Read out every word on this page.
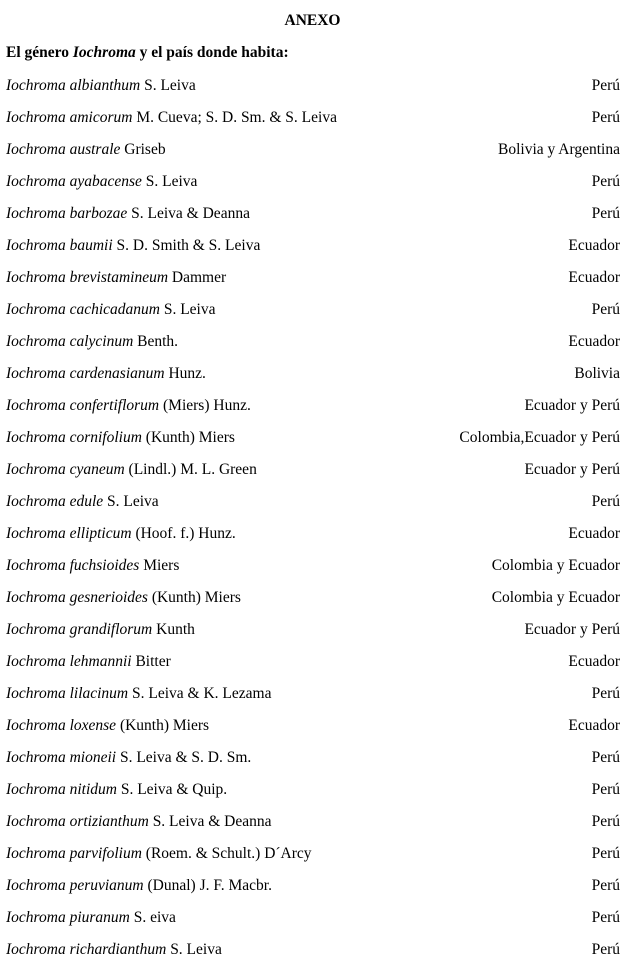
ANEXO
El género Iochroma y el país donde habita:
Iochroma albianthum S. Leiva	Perú
Iochroma amicorum M. Cueva; S. D. Sm. & S. Leiva	Perú
Iochroma australe Griseb	Bolivia y Argentina
Iochroma ayabacense S. Leiva	Perú
Iochroma barbozae S. Leiva & Deanna	Perú
Iochroma baumii S. D. Smith & S. Leiva	Ecuador
Iochroma brevistamineum Dammer	Ecuador
Iochroma cachicadanum S. Leiva	Perú
Iochroma calycinum Benth.	Ecuador
Iochroma cardenasianum Hunz.	Bolivia
Iochroma confertiflorum (Miers) Hunz.	Ecuador y Perú
Iochroma cornifolium (Kunth) Miers	Colombia,Ecuador y Perú
Iochroma cyaneum (Lindl.) M. L. Green	Ecuador y Perú
Iochroma edule S. Leiva	Perú
Iochroma ellipticum (Hoof. f.) Hunz.	Ecuador
Iochroma fuchsioides Miers	Colombia y Ecuador
Iochroma gesnerioides (Kunth) Miers	Colombia y Ecuador
Iochroma grandiflorum Kunth	Ecuador y Perú
Iochroma lehmannii Bitter	Ecuador
Iochroma lilacinum S. Leiva & K. Lezama	Perú
Iochroma loxense (Kunth) Miers	Ecuador
Iochroma mioneii S. Leiva & S. D. Sm.	Perú
Iochroma nitidum S. Leiva & Quip.	Perú
Iochroma ortizianthum S. Leiva & Deanna	Perú
Iochroma parvifolium (Roem. & Schult.) D´Arcy	Perú
Iochroma peruvianum (Dunal) J. F. Macbr.	Perú
Iochroma piuranum S. eiva	Perú
Iochroma richardianthum S. Leiva	Perú
